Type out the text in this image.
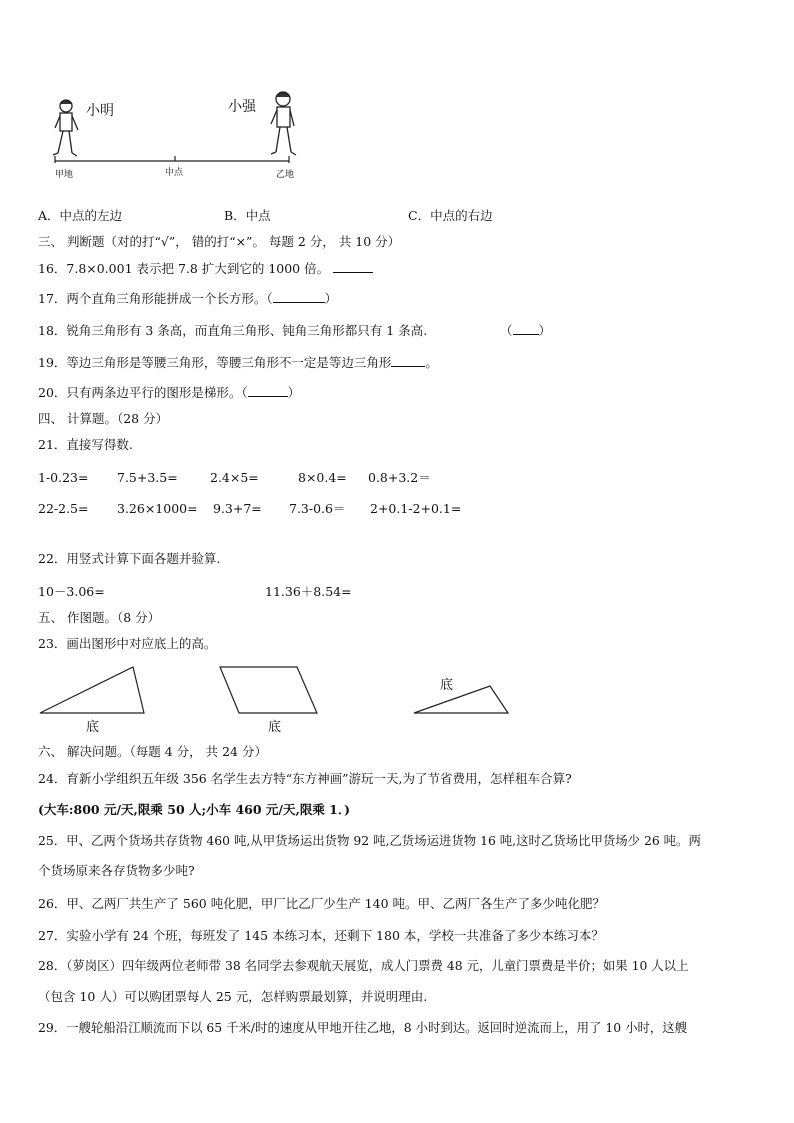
小明	小强
甲地	中点	乙地
A．中点的左边	B．中点	C．中点的右边
三、 判断题（对的打“√”， 错的打“×”。 每题 2 分， 共 10 分）
16．7.8×0.001 表示把 7.8 扩大到它的 1000 倍。
17．两个直角三角形能拼成一个长方形。（	）
18．锐角三角形有 3 条高，而直角三角形、钝角三角形都只有 1 条高.	（ ）
19．等边三角形是等腰三角形，等腰三角形不一定是等边三角形	。
20．只有两条边平行的图形是梯形。（	）
四、 计算题。（28 分）
21．直接写得数.
1-0.23= 7.5+3.5=	2.4×5=	8×0.4= 0.8+3.2＝
22-2.5= 3.26×1000= 9.3+7= 7.3-0.6＝ 2+0.1-2+0.1=
22．用竖式计算下面各题并验算.
10－3.06=	11.36＋8.54=
五、 作图题。（8 分）
23．画出图形中对应底上的高。
底	底
底
六、 解决问题。（每题 4 分， 共 24 分）
24．育新小学组织五年级 356 名学生去方特“东方神画”游玩一天,为了节省费用，怎样租车合算?
(大车:800 元/天,限乘 50 人;小车 460 元/天,限乘 1．)
25．甲、乙两个货场共存货物 460 吨,从甲货场运出货物 92 吨,乙货场运进货物 16 吨,这时乙货场比甲货场少 26 吨。两
个货场原来各存货物多少吨?
26．甲、乙两厂共生产了 560 吨化肥，甲厂比乙厂少生产 140 吨。甲、乙两厂各生产了多少吨化肥？
27．实验小学有 24 个班，每班发了 145 本练习本，还剩下 180 本，学校一共准备了多少本练习本？
28．（萝岗区）四年级两位老师带 38 名同学去参观航天展览，成人门票费 48 元，儿童门票费是半价；如果 10 人以上
（包含 10 人）可以购团票每人 25 元，怎样购票最划算，并说明理由.
29．一艘轮船沿江顺流而下以 65 千米/时的速度从甲地开往乙地，8 小时到达。返回时逆流而上，用了 10 小时，这艘
